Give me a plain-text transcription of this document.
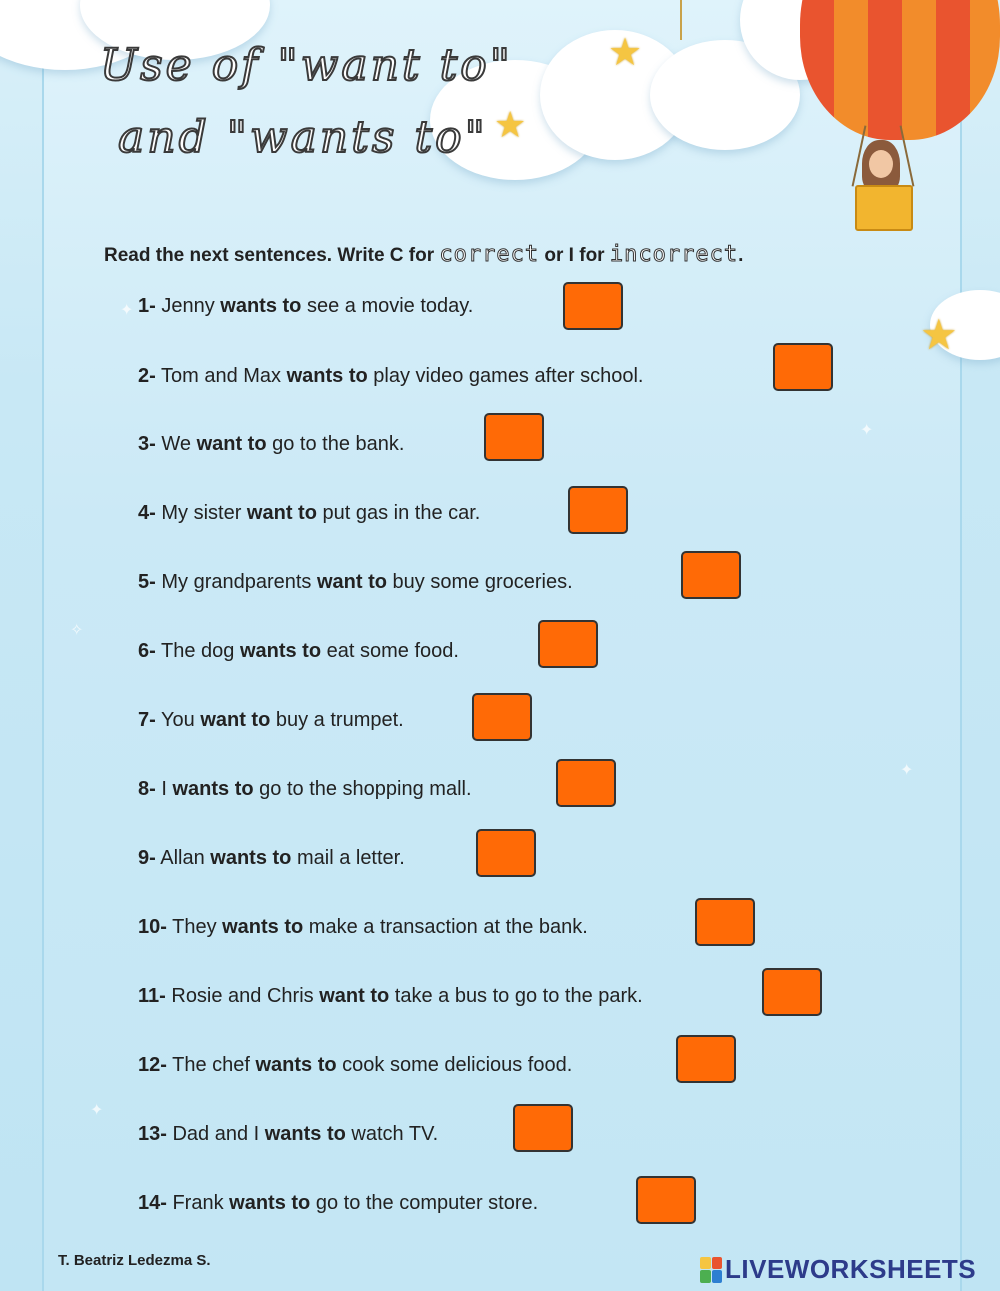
✦
✦
✧
✦
✦
Use of "want to"
and "wants to"
★
★
★
Read the next sentences. Write C for correct or I for incorrect.
1- Jenny wants to see a movie today.
2- Tom and Max wants to play video games after school.
3- We want to go to the bank.
4- My sister want to put gas in the car.
5- My grandparents want to buy some groceries.
6- The dog wants to eat some food.
7- You want to buy a trumpet.
8- I wants to go to the shopping mall.
9- Allan wants to mail a letter.
10- They wants to make a transaction at the bank.
11- Rosie and Chris want to take a bus to go to the park.
12- The chef wants to cook some delicious food.
13- Dad and I wants to watch TV.
14- Frank wants to go to the computer store.
T. Beatriz Ledezma S.	LIVEWORKSHEETS
